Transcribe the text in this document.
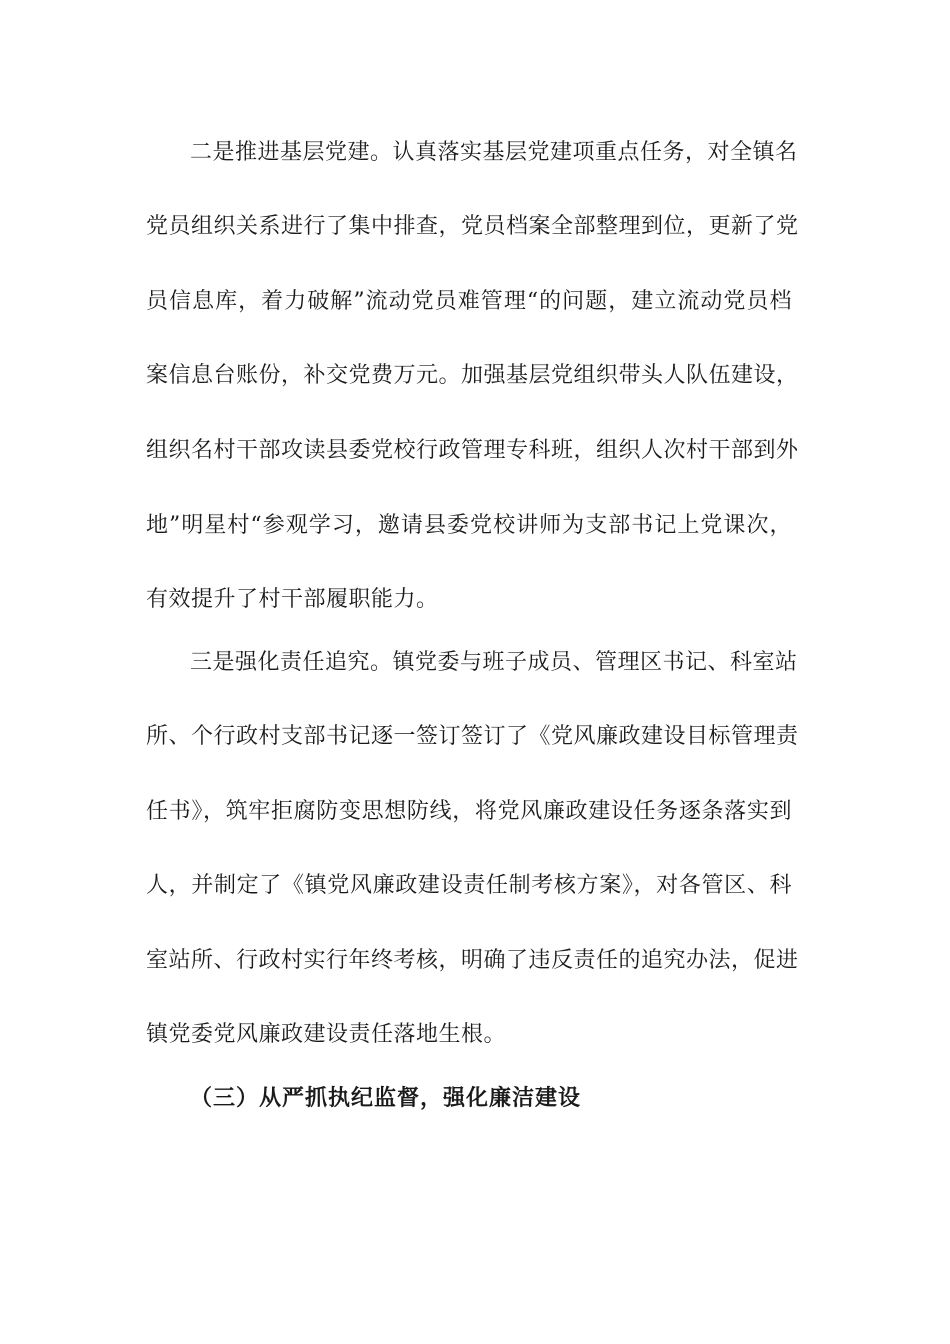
二是推进基层党建。认真落实基层党建项重点任务，对全镇名
党员组织关系进行了集中排查，党员档案全部整理到位，更新了党
员信息库，着力破解”流动党员难管理“的问题，建立流动党员档
案信息台账份，补交党费万元。加强基层党组织带头人队伍建设，
组织名村干部攻读县委党校行政管理专科班，组织人次村干部到外
地”明星村“参观学习，邀请县委党校讲师为支部书记上党课次，
有效提升了村干部履职能力。
三是强化责任追究。镇党委与班子成员、管理区书记、科室站
所、个行政村支部书记逐一签订签订了《党风廉政建设目标管理责
任书》，筑牢拒腐防变思想防线，将党风廉政建设任务逐条落实到
人，并制定了《镇党风廉政建设责任制考核方案》，对各管区、科
室站所、行政村实行年终考核，明确了违反责任的追究办法，促进
镇党委党风廉政建设责任落地生根。
（三）从严抓执纪监督，强化廉洁建设
